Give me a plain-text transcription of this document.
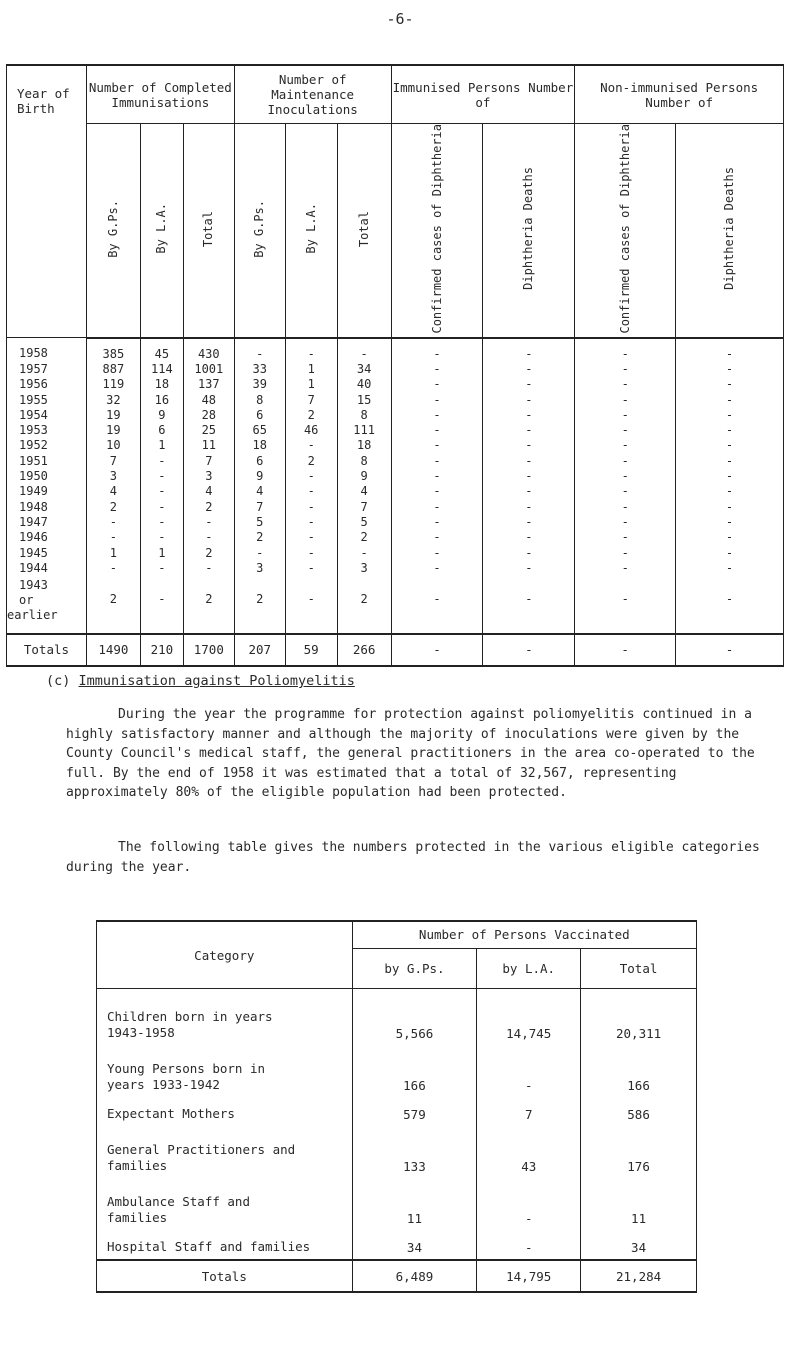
-6-
Year of Birth	Number of Completed Immunisations			Number of Maintenance Inoculations			Immunised Persons Number of		Non-immunised Persons Number of	
	By G.Ps.	By L.A.	Total	By G.Ps.	By L.A.	Total	Confirmed cases of Diphtheria	Diphtheria Deaths	Confirmed cases of Diphtheria	Diphtheria Deaths
1958	385	45	430	-	-	-	-	-	-	-
1957	887	114	1001	33	1	34	-	-	-	-
1956	119	18	137	39	1	40	-	-	-	-
1955	32	16	48	8	7	15	-	-	-	-
1954	19	9	28	6	2	8	-	-	-	-
1953	19	6	25	65	46	111	-	-	-	-
1952	10	1	11	18	-	18	-	-	-	-
1951	7	-	7	6	2	8	-	-	-	-
1950	3	-	3	9	-	9	-	-	-	-
1949	4	-	4	4	-	4	-	-	-	-
1948	2	-	2	7	-	7	-	-	-	-
1947	-	-	-	5	-	5	-	-	-	-
1946	-	-	-	2	-	2	-	-	-	-
1945	1	1	2	-	-	-	-	-	-	-
1944	-	-	-	3	-	3	-	-	-	-

1943
or
earlier	2	-	2	2	-	2	-	-	-	-
Totals	1490	210	1700	207	59	266	-	-	-	-
(c) Immunisation against Poliomyelitis

During the year the programme for protection against poliomyelitis continued in a highly satisfactory manner and although the majority of inoculations were given by the County Council's medical staff, the general practitioners in the area co-operated to the full. By the end of 1958 it was estimated that a total of 32,567, representing approximately 80% of the eligible population had been protected.

The following table gives the numbers protected in the various eligible categories during the year.

Category	Number of Persons Vaccinated		
	by G.Ps.	by L.A.	Total

Children born in years
1943-1958	5,566	14,745	20,311

Young Persons born in
years 1933-1942	166	-	166

Expectant Mothers	579	7	586

General Practitioners and
families	133	43	176

Ambulance Staff and
families	11	-	11

Hospital Staff and families	34	-	34
Totals	6,489	14,795	21,284
